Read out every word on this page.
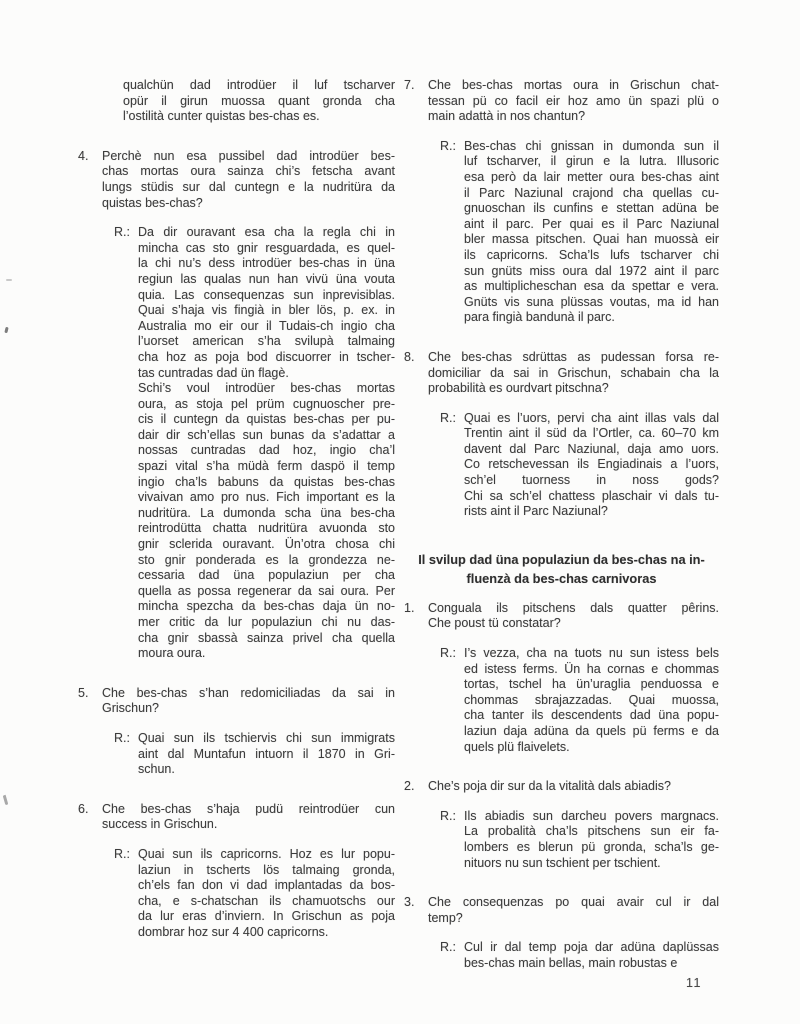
qualchün dad introdüer il luf tscharver
opür il girun muossa quant gronda cha
l’ostilità cunter quistas bes-chas es.
4.	Perchè nun esa pussibel dad introdüer bes-
chas mortas oura sainza chi’s fetscha avant
lungs stüdis sur dal cuntegn e la nudritüra da
quistas bes-chas?
R.: Da dir ouravant esa cha la regla chi in
mincha cas sto gnir resguardada, es quel-
la chi nu’s dess introdüer bes-chas in üna
regiun las qualas nun han vivü üna vouta
quia. Las consequenzas sun inprevisiblas.
Quai s’haja vis fingià in bler lös, p. ex. in
Australia mo eir our il Tudais-ch ingio cha
l’uorset american s’ha svilupà talmaing
cha hoz as poja bod discuorrer in tscher-
tas cuntradas dad ün flagè.
Schi’s voul introdüer bes-chas mortas
oura, as stoja pel prüm cugnuoscher pre-
cis il cuntegn da quistas bes-chas per pu-
dair dir sch’ellas sun bunas da s’adattar a
nossas cuntradas dad hoz, ingio cha’l
spazi vital s’ha müdà ferm daspö il temp
ingio cha’ls babuns da quistas bes-chas
vivaivan amo pro nus. Fich important es la
nudritüra. La dumonda scha üna bes-cha
reintrodütta chatta nudritüra avuonda sto
gnir sclerida ouravant. Ün’otra chosa chi
sto gnir ponderada es la grondezza ne-
cessaria dad üna populaziun per cha
quella as possa regenerar da sai oura. Per
mincha spezcha da bes-chas daja ün no-
mer critic da lur populaziun chi nu das-
cha gnir sbassà sainza privel cha quella
moura oura.
5.	Che bes-chas s’han redomiciliadas da sai in
Grischun?
R.: Quai sun ils tschiervis chi sun immigrats
aint dal Muntafun intuorn il 1870 in Gri-
schun.
6.	Che bes-chas s’haja pudü reintrodüer cun
success in Grischun.
R.: Quai sun ils capricorns. Hoz es lur popu-
laziun in tscherts lös talmaing gronda,
ch’els fan don vi dad implantadas da bos-
cha, e s-chatschan ils chamuotschs our
da lur eras d’inviern. In Grischun as poja
dombrar hoz sur 4 400 capricorns.
7.	Che bes-chas mortas oura in Grischun chat-
tessan pü co facil eir hoz amo ün spazi plü o
main adattà in nos chantun?
R.: Bes-chas chi gnissan in dumonda sun il
luf tscharver, il girun e la lutra. Illusoric
esa però da lair metter oura bes-chas aint
il Parc Naziunal crajond cha quellas cu-
gnuoschan ils cunfins e stettan adüna be
aint il parc. Per quai es il Parc Naziunal
bler massa pitschen. Quai han muossà eir
ils capricorns. Scha’ls lufs tscharver chi
sun gnüts miss oura dal 1972 aint il parc
as multiplicheschan esa da spettar e vera.
Gnüts vis suna plüssas voutas, ma id han
para fingià bandunà il parc.
8.	Che bes-chas sdrüttas as pudessan forsa re-
domiciliar da sai in Grischun, schabain cha la
probabilità es ourdvart pitschna?
R.: Quai es l’uors, pervi cha aint illas vals dal
Trentin aint il süd da l’Ortler, ca. 60–70 km
davent dal Parc Naziunal, daja amo uors.
Co retschevessan ils Engiadinais a l’uors,
sch’el tuorness in noss gods?
Chi sa sch’el chattess plaschair vi dals tu-
rists aint il Parc Naziunal?
Il svilup dad üna populaziun da bes-chas na in-
fluenzà da bes-chas carnivoras
1.	Conguala ils pitschens dals quatter pêrins.
Che poust tü constatar?
R.: I’s vezza, cha na tuots nu sun istess bels
ed istess ferms. Ün ha cornas e chommas
tortas, tschel ha ün’uraglia penduossa e
chommas sbrajazzadas. Quai muossa,
cha tanter ils descendents dad üna popu-
laziun daja adüna da quels pü ferms e da
quels plü flaivelets.
2.	Che’s poja dir sur da la vitalità dals abiadis?
R.: Ils abiadis sun darcheu povers margnacs.
La probalità cha’ls pitschens sun eir fa-
lombers es blerun pü gronda, scha’ls ge-
nituors nu sun tschient per tschient.
3.	Che consequenzas po quai avair cul ir dal
temp?
R.: Cul ir dal temp poja dar adüna daplüssas
bes-chas main bellas, main robustas e
11
